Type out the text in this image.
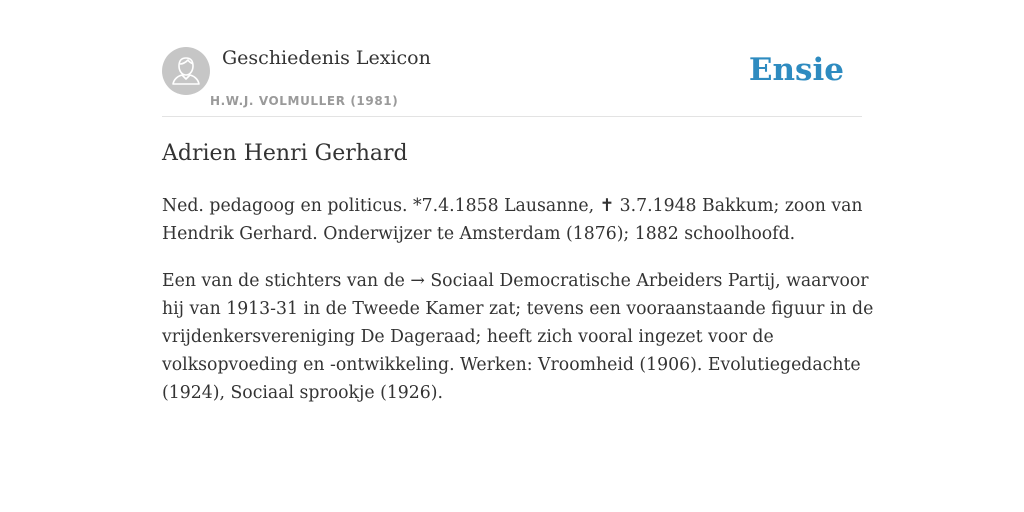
Geschiedenis Lexicon
H.W.J. VOLMULLER (1981)
Ensie
Adrien Henri Gerhard

Ned. pedagoog en politicus. *7.4.1858 Lausanne, ✝ 3.7.1948 Bakkum; zoon van
Hendrik Gerhard. Onderwijzer te Amsterdam (1876); 1882 schoolhoofd.

Een van de stichters van de → Sociaal Democratische Arbeiders Partij, waarvoor
hij van 1913-31 in de Tweede Kamer zat; tevens een vooraanstaande figuur in de
vrijdenkersvereniging De Dageraad; heeft zich vooral ingezet voor de
volksopvoeding en -ontwikkeling. Werken: Vroomheid (1906). Evolutiegedachte
(1924), Sociaal sprookje (1926).
